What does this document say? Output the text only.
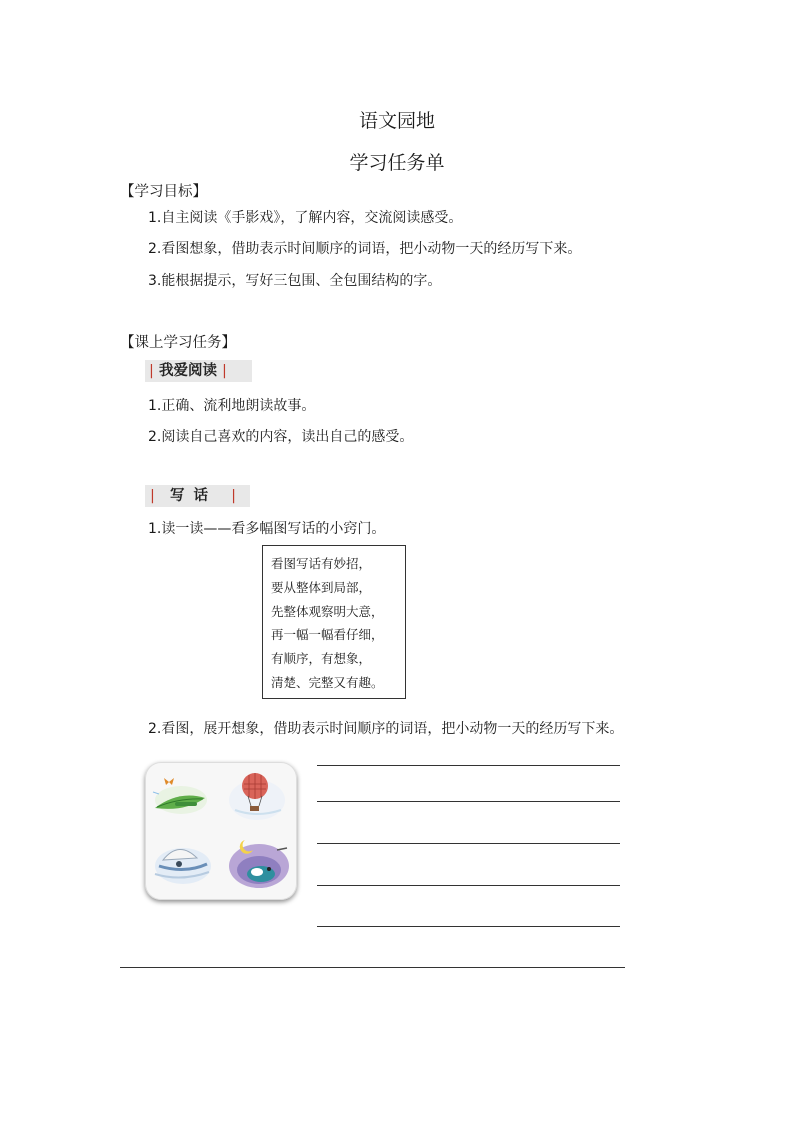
语文园地
学习任务单
【学习目标】
1.自主阅读《手影戏》，了解内容，交流阅读感受。
2.看图想象，借助表示时间顺序的词语，把小动物一天的经历写下来。
3.能根据提示，写好三包围、全包围结构的字。
【课上学习任务】
| 我爱阅读 |
1.正确、流利地朗读故事。
2.阅读自己喜欢的内容，读出自己的感受。
| 写 话 |
1.读一读——看多幅图写话的小窍门。
看图写话有妙招，
要从整体到局部，
先整体观察明大意，
再一幅一幅看仔细，
有顺序，有想象，
清楚、完整又有趣。
2.看图，展开想象，借助表示时间顺序的词语，把小动物一天的经历写下来。
